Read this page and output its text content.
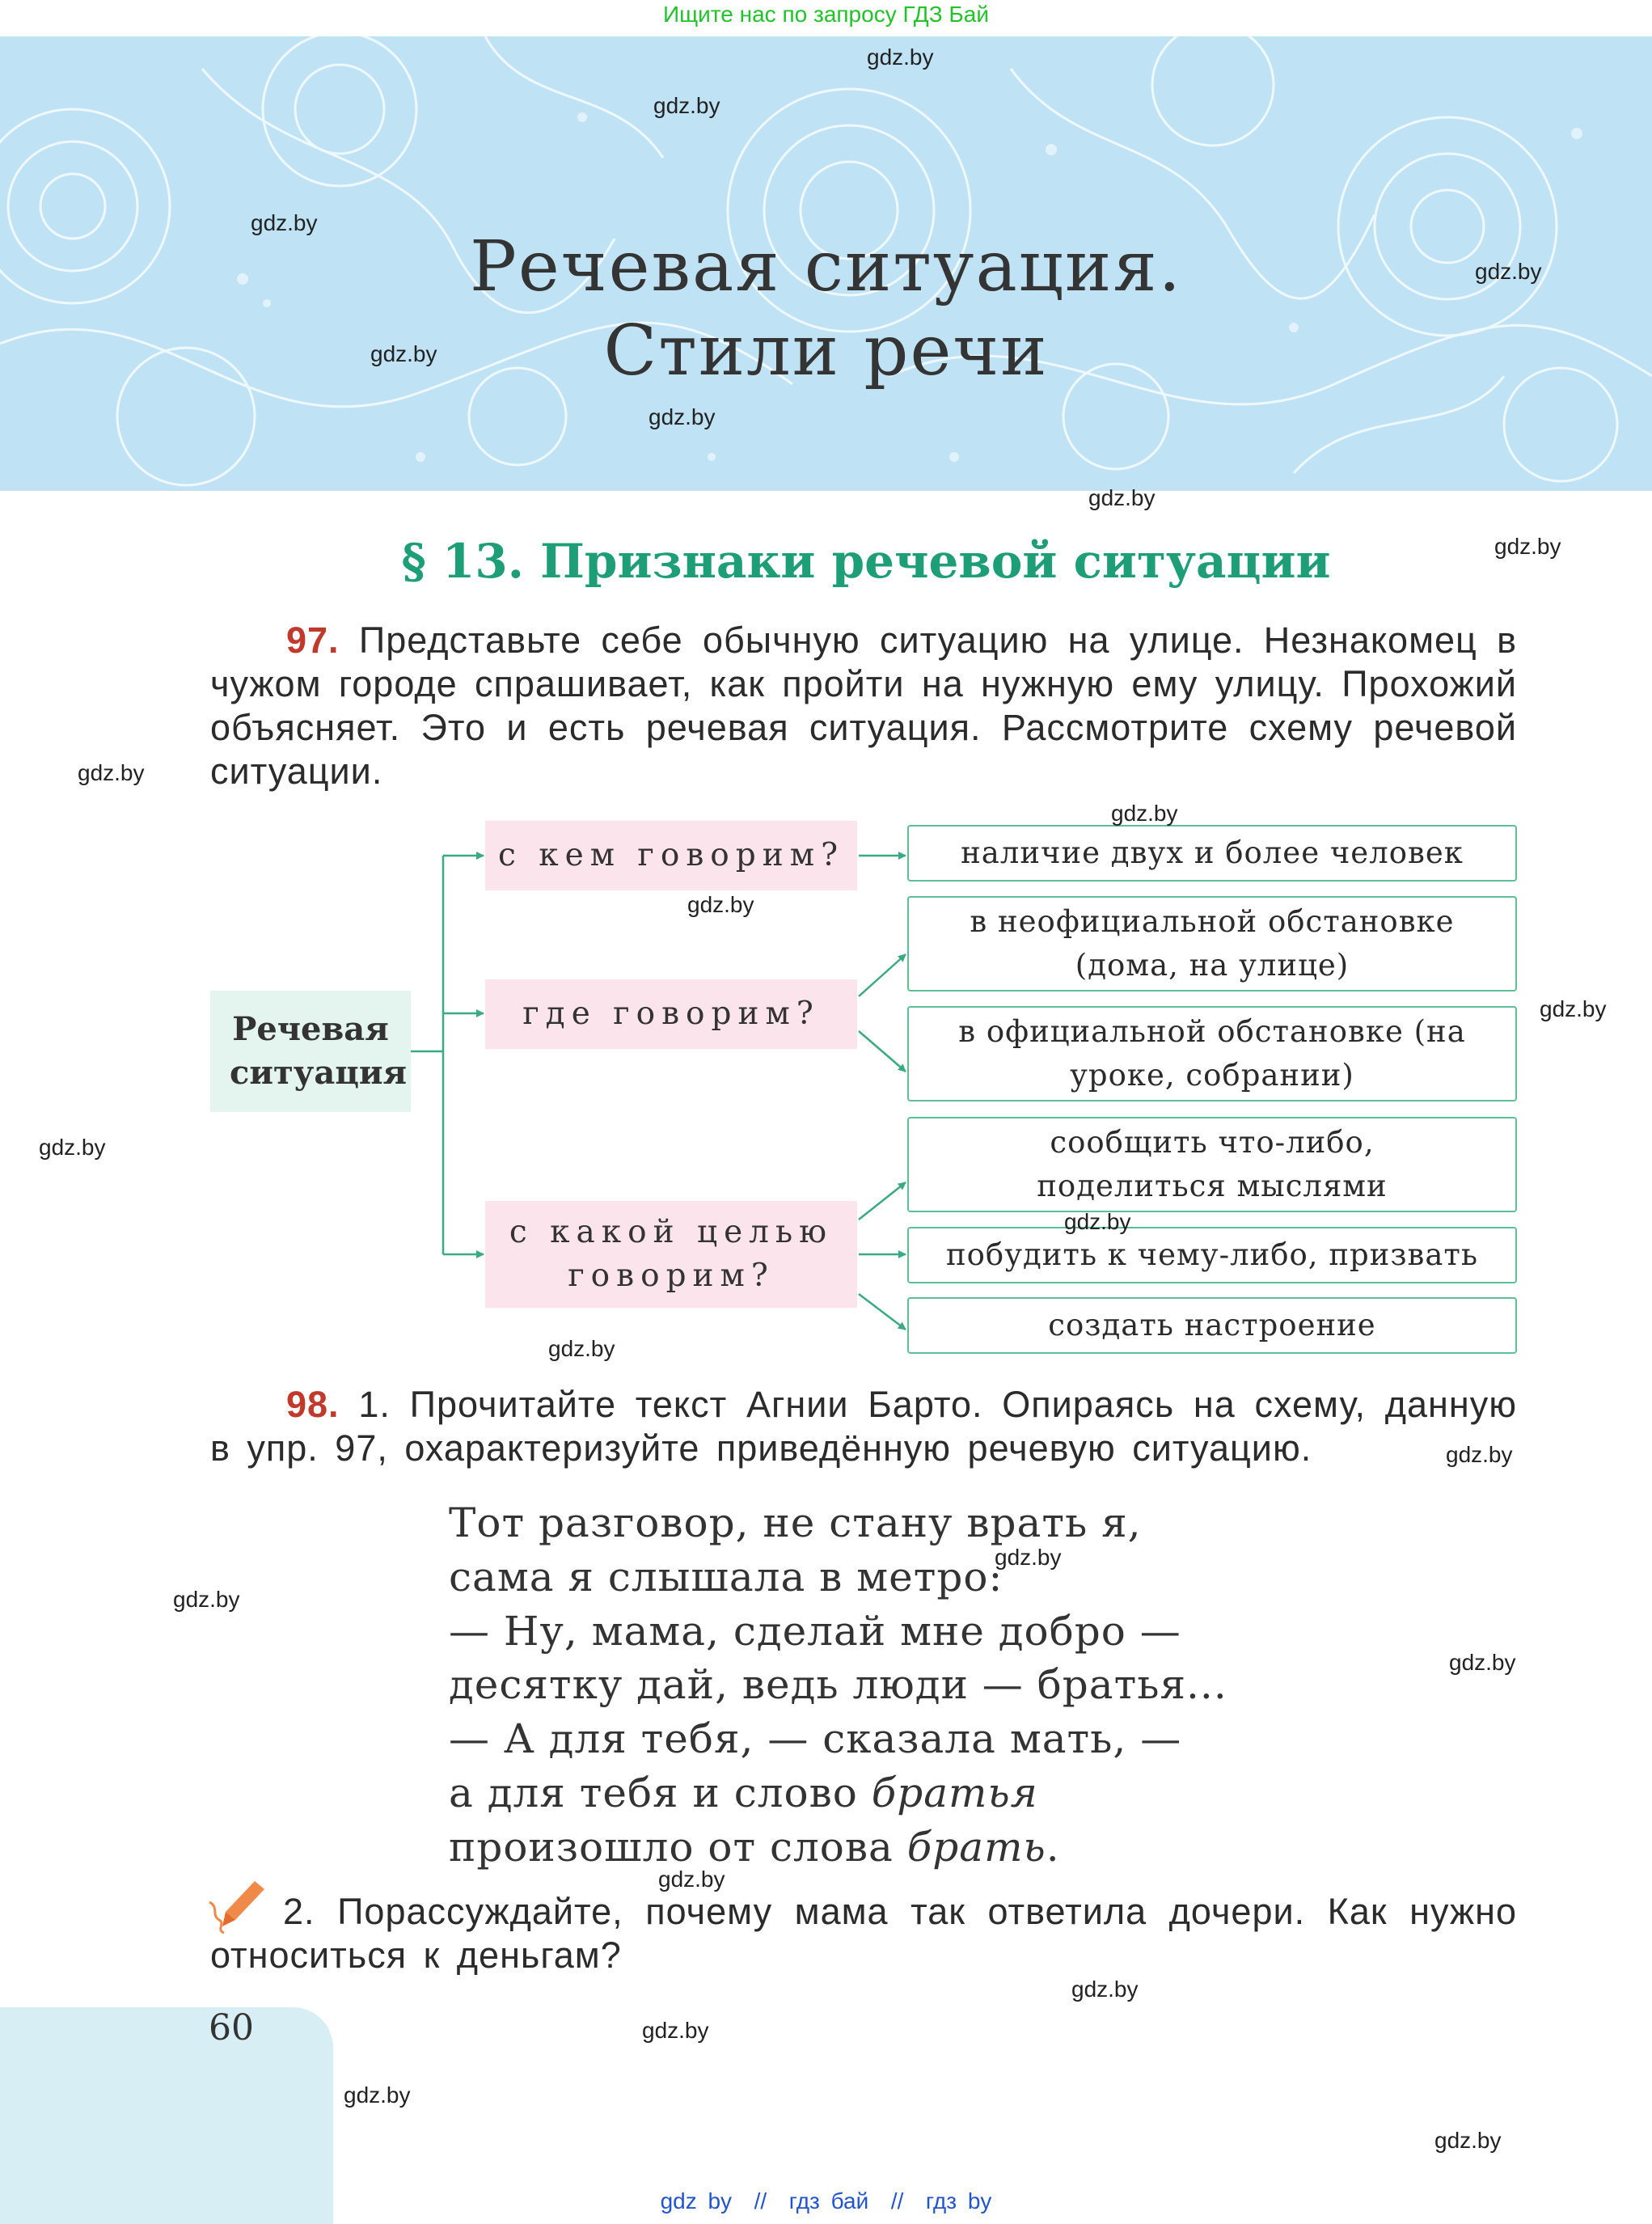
Ищите нас по запросу ГДЗ Бай
Речевая ситуация.
Стили речи
§ 13. Признаки речевой ситуации
97. Представьте себе обычную ситуацию на улице. Незнакомец в чужом городе спрашивает, как пройти на нужную ему улицу. Прохожий объясняет. Это и есть речевая ситуация. Рассмотрите схему речевой ситуации.
Речевая ситуация
с кем говорим?
где говорим?
с какой целью говорим?
наличие двух и более человек
в неофициальной обстановке (дома, на улице)
в официальной обстановке (на уроке, собрании)
сообщить что-либо, поделиться мыслями
побудить к чему-либо, призвать
создать настроение
98. 1. Прочитайте текст Агнии Барто. Опираясь на схему, данную в упр. 97, охарактеризуйте приведённую речевую ситуацию.
Тот разговор, не стану врать я,
сама я слышала в метро:
— Ну, мама, сделай мне добро —
десятку дай, ведь люди — братья...
— А для тебя, — сказала мать, —
а для тебя и слово братья
произошло от слова брать.
2. Порассуждайте, почему мама так ответила дочери. Как нужно относиться к деньгам?
60
gdz.by
gdz.by
gdz.by
gdz.by
gdz.by
gdz.by
gdz.by
gdz.by
gdz.by
gdz.by
gdz.by
gdz.by
gdz.by
gdz.by
gdz.by
gdz.by
gdz.by
gdz.by
gdz.by
gdz.by
gdz.by
gdz.by
gdz.by
gdz.by
gdz by  //  гдз бай  //  гдз by
